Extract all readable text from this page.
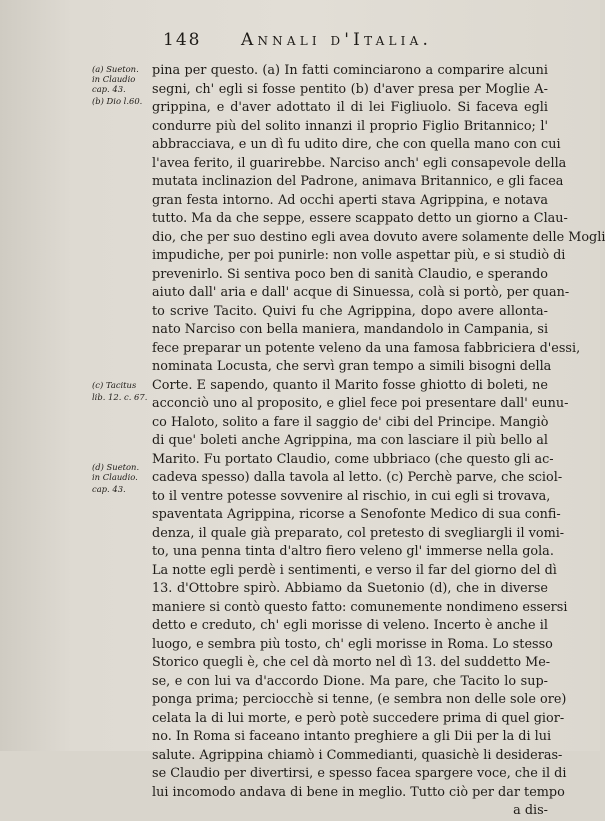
148 Annali d'Italia.
(a) Sueton.
in Claudio
cap. 43.
(b) Dio l.60.
(c) Tacitus
lib. 12. c. 67.
(d) Sueton.
in Claudio.
cap. 43.
pina per questo. (a) In fatti cominciarono a comparire alcuni
segni, ch' egli si fosse pentito (b) d'aver presa per Moglie A-
grippina, e d'aver adottato il di lei Figliuolo. Si faceva egli
condurre più del solito innanzi il proprio Figlio Britannico; l'
abbracciava, e un dì fu udito dire, che con quella mano con cui
l'avea ferito, il guarirebbe. Narciso anch' egli consapevole della
mutata inclinazion del Padrone, animava Britannico, e gli facea
gran festa intorno. Ad occhi aperti stava Agrippina, e notava
tutto. Ma da che seppe, essere scappato detto un giorno a Clau-
dio, che per suo destino egli avea dovuto avere solamente delle Mogli
impudiche, per poi punirle: non volle aspettar più, e si studiò di
prevenirlo. Si sentiva poco ben di sanità Claudio, e sperando
aiuto dall' aria e dall' acque di Sinuessa, colà si portò, per quan-
to scrive Tacito. Quivi fu che Agrippina, dopo avere allonta-
nato Narciso con bella maniera, mandandolo in Campania, si
fece preparar un potente veleno da una famosa fabbriciera d'essi,
nominata Locusta, che servì gran tempo a simili bisogni della
Corte. E sapendo, quanto il Marito fosse ghiotto di boleti, ne
acconciò uno al proposito, e gliel fece poi presentare dall' eunu-
co Haloto, solito a fare il saggio de' cibi del Principe. Mangiò
di que' boleti anche Agrippina, ma con lasciare il più bello al
Marito. Fu portato Claudio, come ubbriaco (che questo gli ac-
cadeva spesso) dalla tavola al letto. (c) Perchè parve, che sciol-
to il ventre potesse sovvenire al rischio, in cui egli si trovava,
spaventata Agrippina, ricorse a Senofonte Medico di sua confi-
denza, il quale già preparato, col pretesto di svegliargli il vomi-
to, una penna tinta d'altro fiero veleno gl' immerse nella gola.
La notte egli perdè i sentimenti, e verso il far del giorno del dì
13. d'Ottobre spirò. Abbiamo da Suetonio (d), che in diverse
maniere si contò questo fatto: comunemente nondimeno essersi
detto e creduto, ch' egli morisse di veleno. Incerto è anche il
luogo, e sembra più tosto, ch' egli morisse in Roma. Lo stesso
Storico quegli è, che cel dà morto nel dì 13. del suddetto Me-
se, e con lui va d'accordo Dione. Ma pare, che Tacito lo sup-
ponga prima; perciocchè si tenne, (e sembra non delle sole ore)
celata la di lui morte, e però potè succedere prima di quel gior-
no. In Roma si faceano intanto preghiere a gli Dii per la di lui
salute. Agrippina chiamò i Commedianti, quasichè li desideras-
se Claudio per divertirsi, e spesso facea spargere voce, che il di
lui incomodo andava di bene in meglio. Tutto ciò per dar tempo
a dis-
